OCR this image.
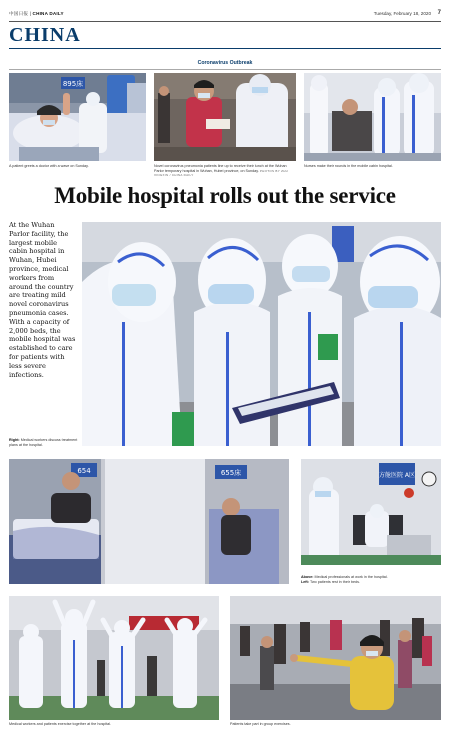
中国日报 | CHINA DAILY	Tuesday, February 18, 2020 7
CHINA
Coronavirus Outbreak
895床
A patient greets a doctor with a wave on Sunday.	Novel coronavirus pneumonia patients line up to receive their lunch at the Wuhan Parlor temporary hospital in Wuhan, Hubei province, on Sunday. PHOTOS BY ZHU XINGXIN / CHINA DAILY
Nurses make their rounds in the mobile cabin hospital.
Mobile hospital rolls out the service
At the Wuhan Parlor facility, the largest mobile cabin hospital in Wuhan, Hubei province, medical workers from around the country are treating mild novel coronavirus pneumonia cases. With a capacity of 2,000 beds, the mobile hospital was established to care for patients with less severe infections.
Right: Medical workers discuss treatment plans at the hospital.
654	655床	方舱医院 A区
Above: Medical professionals at work in the hospital.
Left: Two patients rest in their beds.
Medical workers and patients exercise together at the hospital.	Patients take part in group exercises.
